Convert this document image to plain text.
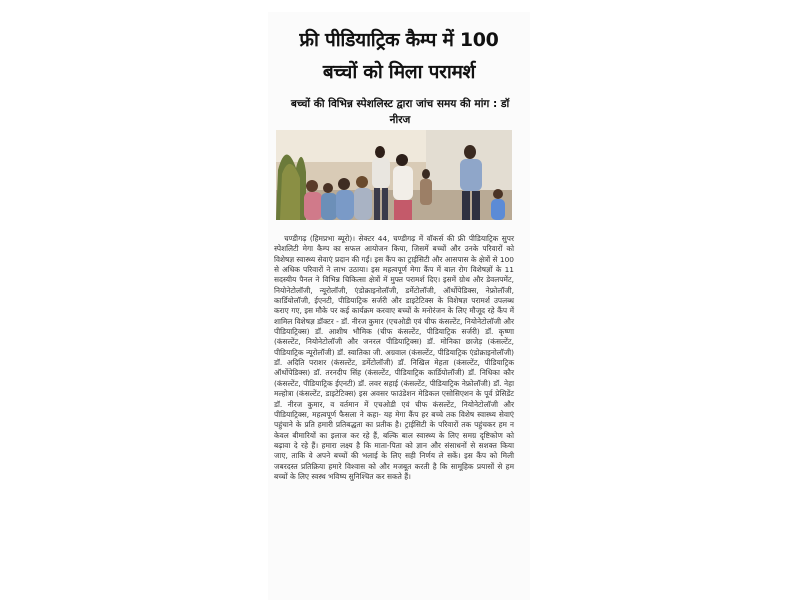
फ्री पीडियाट्रिक कैम्प में 100
बच्चों को मिला परामर्श
बच्चों की विभिन्न स्पेशलिस्ट द्वारा जांच समय की मांग : डॉ नीरज
चण्डीगढ़ (हिमप्रभा ब्यूरो)। सेक्टर 44, चण्डीगढ़ में वॉकर्स की फ्री पीडियाट्रिक सुपर स्पेशलिटी मेगा कैम्प का सफल आयोजन किया, जिसमें बच्चों और उनके परिवारों को विशेषज्ञ स्वास्थ्य सेवाएं प्रदान की गईं। इस कैंप का ट्राईसिटी और आसपास के क्षेत्रों से 100 से अधिक परिवारों ने लाभ उठाया। इस महत्वपूर्ण मेगा कैंप में बाल रोग विशेषज्ञों के 11 सदस्यीय पैनल ने विभिन्न चिकित्सा क्षेत्रों में मुफ्त परामर्श दिए। इसमें ग्रोथ और डेवलपमेंट, नियोनेटोलॉजी, न्यूरोलॉजी, एंडोक्राइनोलॉजी, डर्मेटोलॉजी, ऑर्थोपेडिक्स, नेफ्रोलॉजी, कार्डियोलॉजी, ईएनटी, पीडियाट्रिक सर्जरी और डाइटेटिक्स के विशेषज्ञ परामर्श उपलब्ध कराए गए, इस मौके पर कई कार्यक्रम करवाए बच्चों के मनोरंजन के लिए मौजूद रहे कैंप में शामिल विशेषज्ञ डॉक्टर - डॉ. नीरज कुमार (एचओडी एवं चीफ कंसल्टेंट, नियोनेटोलॉजी और पीडियाट्रिक्स) डॉ. आशीष भौमिक (चीफ कंसल्टेंट, पीडियाट्रिक सर्जरी) डॉ. कृष्णा (कंसल्टेंट, नियोनेटोलॉजी और जनरल पीडियाट्रिक्स) डॉ. मोनिका छाजेड़ (कंसल्टेंट, पीडियाट्रिक न्यूरोलॉजी) डॉ. स्वातिका जी. अग्रवाल (कंसल्टेंट, पीडियाट्रिक एंडोक्राइनोलॉजी) डॉ. अदिति पराशर (कंसल्टेंट, डर्मेटोलॉजी) डॉ. निखिल मेहता (कंसल्टेंट, पीडियाट्रिक ऑर्थोपेडिक्स) डॉ. तरनदीप सिंह (कंसल्टेंट, पीडियाट्रिक कार्डियोलॉजी) डॉ. निधिका कौर (कंसल्टेंट, पीडियाट्रिक ईएनटी) डॉ. लवर सहाई (कंसल्टेंट, पीडियाट्रिक नेफ्रोलॉजी) डॉ. नेहा मल्होत्रा (कंसल्टेंट, डाइटेटिक्स) इस अवसर फाउंडेशन मेडिकल एसोसिएशन के पूर्व प्रेसिडेंट डॉ. नीरज कुमार, व वर्तमान में एचओडी एवं चीफ कंसल्टेंट, नियोनेटोलॉजी और पीडियाट्रिक्स, महत्वपूर्ण फैसला ने कहा- यह मेगा कैंप हर बच्चे तक विशेष स्वास्थ्य सेवाएं पहुंचाने के प्रति हमारी प्रतिबद्धता का प्रतीक है। ट्राईसिटी के परिवारों तक पहुंचकर हम न केवल बीमारियों का इलाज कर रहे हैं, बल्कि बाल स्वास्थ्य के लिए समग्र दृष्टिकोण को बढ़ावा दे रहे हैं। हमारा लक्ष्य है कि माता-पिता को ज्ञान और संसाधनों से सशक्त किया जाए, ताकि वे अपने बच्चों की भलाई के लिए सही निर्णय ले सकें। इस कैंप को मिली जबरदस्त प्रतिक्रिया हमारे विश्वास को और मजबूत करती है कि सामूहिक प्रयासों से हम बच्चों के लिए स्वस्थ भविष्य सुनिश्चित कर सकते हैं।
